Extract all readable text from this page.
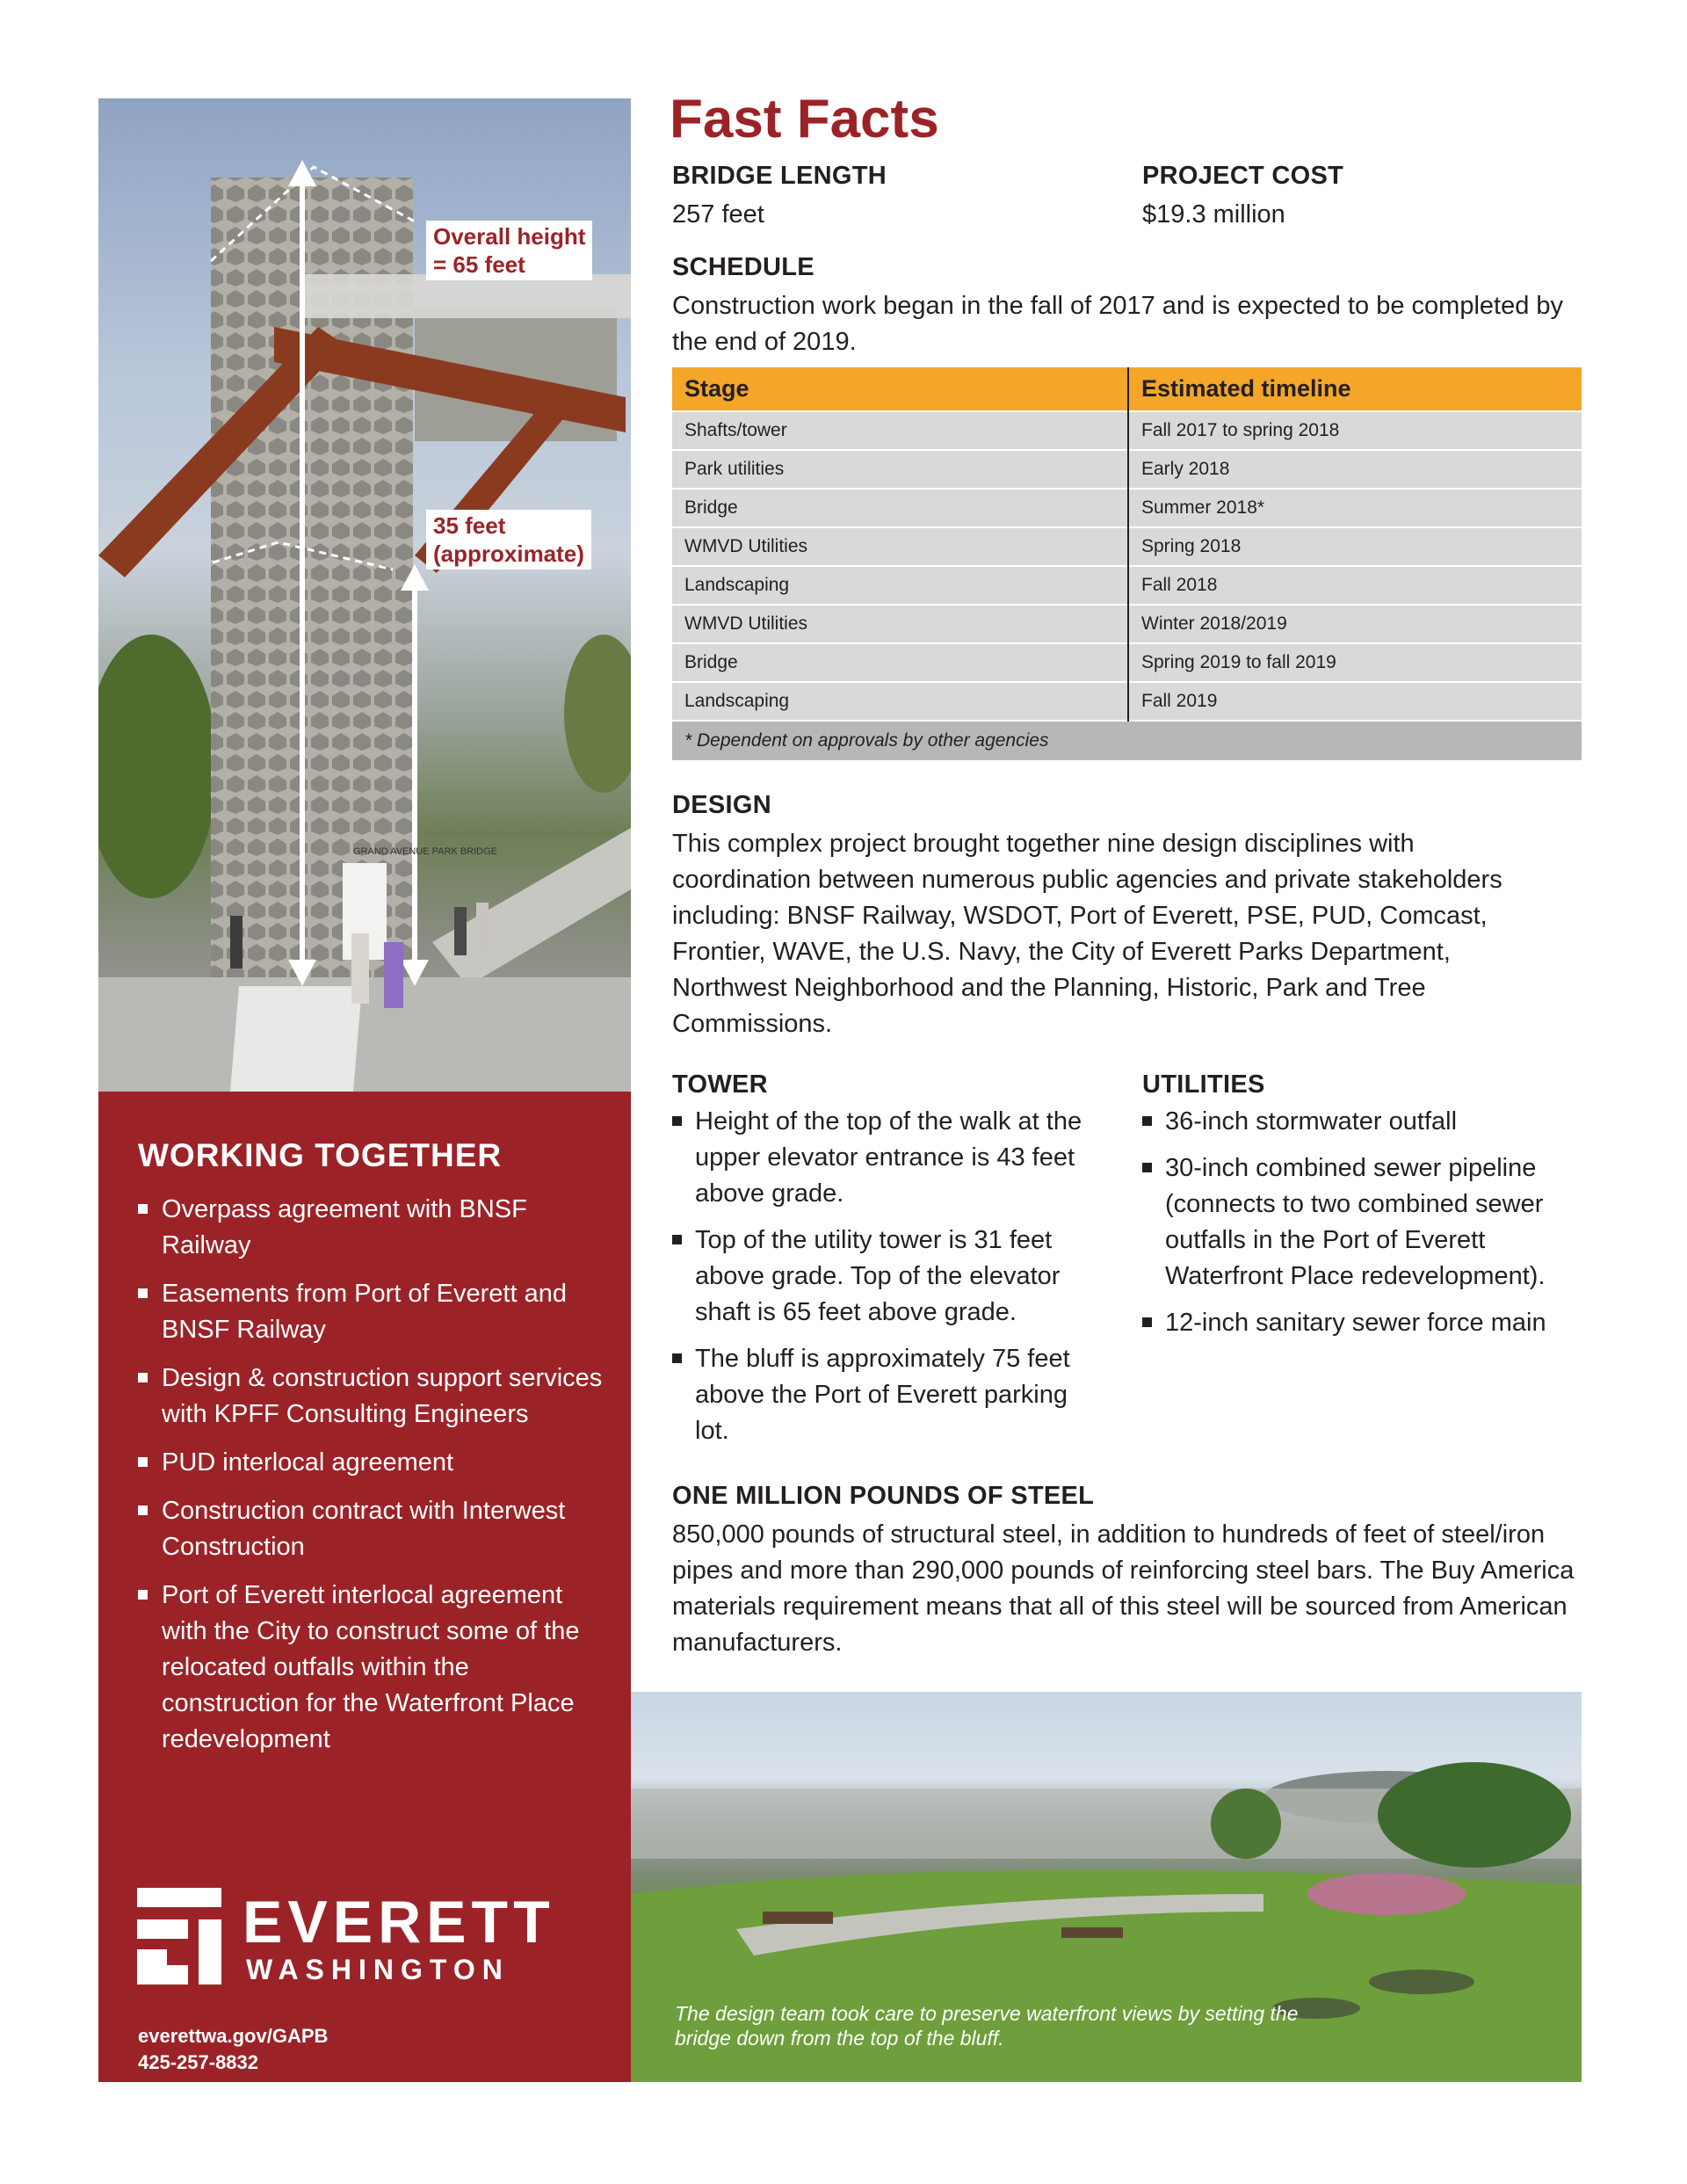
GRAND AVENUE PARK BRIDGE
Overall height
= 65 feet
35 feet
(approximate)
WORKING TOGETHER
Overpass agreement with BNSF Railway
Easements from Port of Everett and BNSF Railway
Design & construction support services with KPFF Consulting Engineers
PUD interlocal agreement
Construction contract with Interwest Construction
Port of Everett interlocal agreement with the City to construct some of the relocated outfalls within the construction for the Waterfront Place redevelopment
EVERETT
WASHINGTON
everettwa.gov/GAPB
425-257-8832
Fast Facts
BRIDGE LENGTH
257 feet
PROJECT COST
$19.3 million
SCHEDULE
Construction work began in the fall of 2017 and is expected to be completed by the end of 2019.
Stage	Estimated timeline
Shafts/tower	Fall 2017 to spring 2018
Park utilities	Early 2018
Bridge	Summer 2018*
WMVD Utilities	Spring 2018
Landscaping	Fall 2018
WMVD Utilities	Winter 2018/2019
Bridge	Spring 2019 to fall 2019
Landscaping	Fall 2019
* Dependent on approvals by other agencies	
DESIGN
This complex project brought together nine design disciplines with coordination between numerous public agencies and private stakeholders including: BNSF Railway, WSDOT, Port of Everett, PSE, PUD, Comcast, Frontier, WAVE, the U.S. Navy, the City of Everett Parks Department, Northwest Neighborhood and the Planning, Historic, Park and Tree Commissions.
TOWER
Height of the top of the walk at the upper elevator entrance is 43 feet above grade.
Top of the utility tower is 31 feet above grade. Top of the elevator shaft is 65 feet above grade.
The bluff is approximately 75 feet above the Port of Everett parking lot.
UTILITIES
36-inch stormwater outfall
30-inch combined sewer pipeline (connects to two combined sewer outfalls in the Port of Everett Waterfront Place redevelopment).
12-inch sanitary sewer force main
ONE MILLION POUNDS OF STEEL
850,000 pounds of structural steel, in addition to hundreds of feet of steel/iron pipes and more than 290,000 pounds of reinforcing steel bars. The Buy America materials requirement means that all of this steel will be sourced from American manufacturers.
The design team took care to preserve waterfront views by setting the bridge down from the top of the bluff.
